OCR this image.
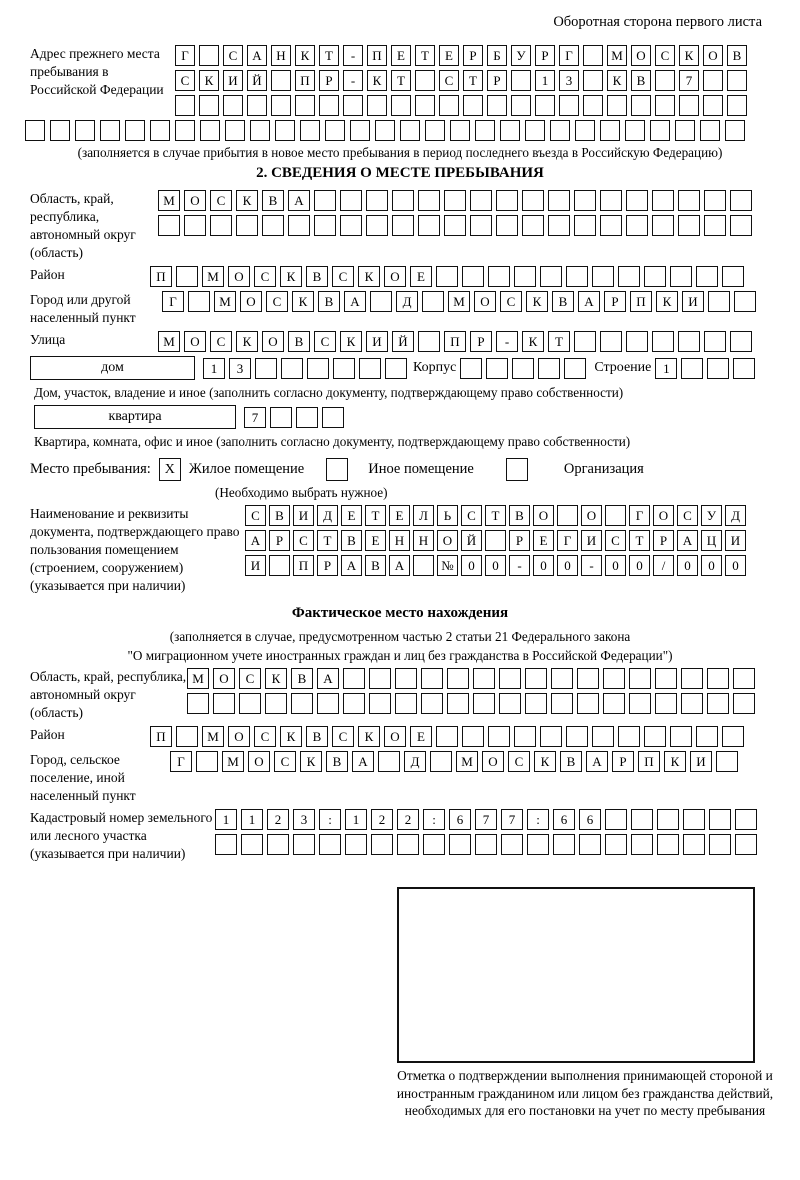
Оборотная сторона первого листа
Адрес прежнего места пребывания в Российской Федерации
Г	С	А	Н	К	Т	-	П	Е	Т	Е	Р	Б	У	Р	Г	М	О	С	К	О	В
С	К	И	Й	П	Р	-	К	Т	С	Т	Р	1	3	К	В	7
(заполняется в случае прибытия в новое место пребывания в период последнего въезда в Российскую Федерацию)
2. СВЕДЕНИЯ О МЕСТЕ ПРЕБЫВАНИЯ
Область, край, республика, автономный округ (область)
М	О	С	К	В	А
Район	П	М	О	С	К	В	С	К	О	Е
Город или другой населенный пункт
Г	М	О	С	К	В	А	Д	М	О	С	К	В	А	Р	П	К	И
Улица	М	О	С	К	О	В	С	К	И	Й	П	Р	-	К	Т
дом	1	3	Корпус	Строение 1
Дом, участок, владение и иное (заполнить согласно документу, подтверждающему право собственности)
квартира	7
Квартира, комната, офис и иное (заполнить согласно документу, подтверждающему право собственности)
Место пребывания: X Жилое помещение	Иное помещение	Организация
(Необходимо выбрать нужное)
Наименование и реквизиты документа, подтверждающего право пользования помещением (строением, сооружением) (указывается при наличии)
С	В	И	Д	Е	Т	Е	Л	Ь	С	Т	В	О	О	Г	О	С	У	Д
А	Р	С	Т	В	Е	Н	Н	О	Й	Р	Е	Г	И	С	Т	Р	А	Ц	И
И	П	Р	А	В	А	№	0	0	-	0	0	-	0	0	/	0	0	0
Фактическое место нахождения
(заполняется в случае, предусмотренном частью 2 статьи 21 Федерального закона
"О миграционном учете иностранных граждан и лиц без гражданства в Российской Федерации")
Область, край, республика, автономный округ (область)
М	О	С	К	В	А
Район	П	М	О	С	К	В	С	К	О	Е
Город, сельское поселение, иной населенный пункт
Г	М	О	С	К	В	А	Д	М	О	С	К	В	А	Р	П	К	И
Кадастровый номер земельного или лесного участка (указывается при наличии)
1	1	2	3	:	1	2	2	:	6	7	7	:	6	6
Отметка о подтверждении выполнения принимающей стороной и иностранным гражданином или лицом без гражданства действий, необходимых для его постановки на учет по месту пребывания
